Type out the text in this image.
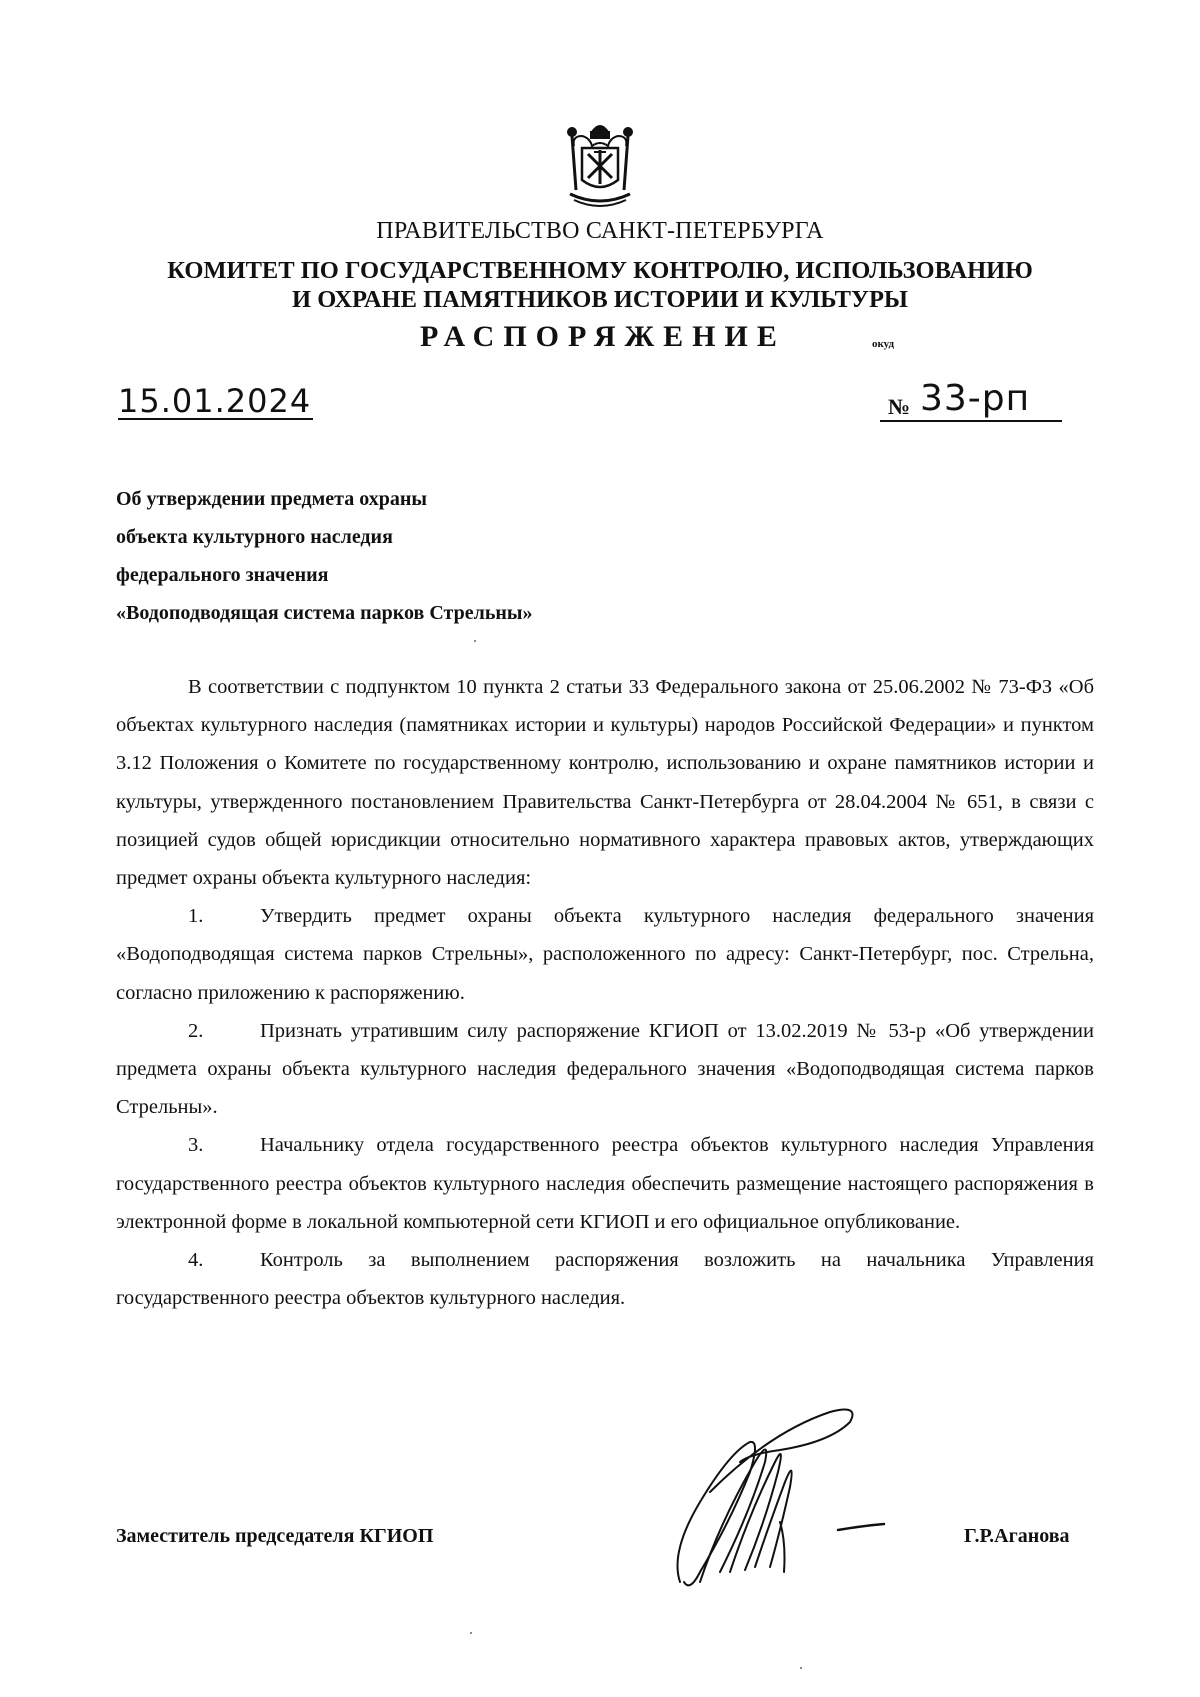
ПРАВИТЕЛЬСТВО САНКТ-ПЕТЕРБУРГА
КОМИТЕТ ПО ГОСУДАРСТВЕННОМУ КОНТРОЛЮ, ИСПОЛЬЗОВАНИЮ
И ОХРАНЕ ПАМЯТНИКОВ ИСТОРИИ И КУЛЬТУРЫ
РАСПОРЯЖЕНИЕ	окуд
15.01.2024	№ 33-рп
Об утверждении предмета охраны
объекта культурного наследия
федерального значения
«Водоподводящая система парков Стрельны»

В соответствии с подпунктом 10 пункта 2 статьи 33 Федерального закона от 25.06.2002 № 73-ФЗ «Об объектах культурного наследия (памятниках истории и культуры) народов Российской Федерации» и пунктом 3.12 Положения о Комитете по государственному контролю, использованию и охране памятников истории и культуры, утвержденного постановлением Правительства Санкт-Петербурга от 28.04.2004 № 651, в связи с позицией судов общей юрисдикции относительно нормативного характера правовых актов, утверждающих предмет охраны объекта культурного наследия:

1.	Утвердить предмет охраны объекта культурного наследия федерального значения «Водоподводящая система парков Стрельны», расположенного по адресу: Санкт-Петербург, пос. Стрельна, согласно приложению к распоряжению.

2.	Признать утратившим силу распоряжение КГИОП от 13.02.2019 № 53-р «Об утверждении предмета охраны объекта культурного наследия федерального значения «Водоподводящая система парков Стрельны».

3.	Начальнику отдела государственного реестра объектов культурного наследия Управления государственного реестра объектов культурного наследия обеспечить размещение настоящего распоряжения в электронной форме в локальной компьютерной сети КГИОП и его официальное опубликование.

4.	Контроль за выполнением распоряжения возложить на начальника Управления государственного реестра объектов культурного наследия.

Заместитель председателя КГИОП	Г.Р.Аганова
